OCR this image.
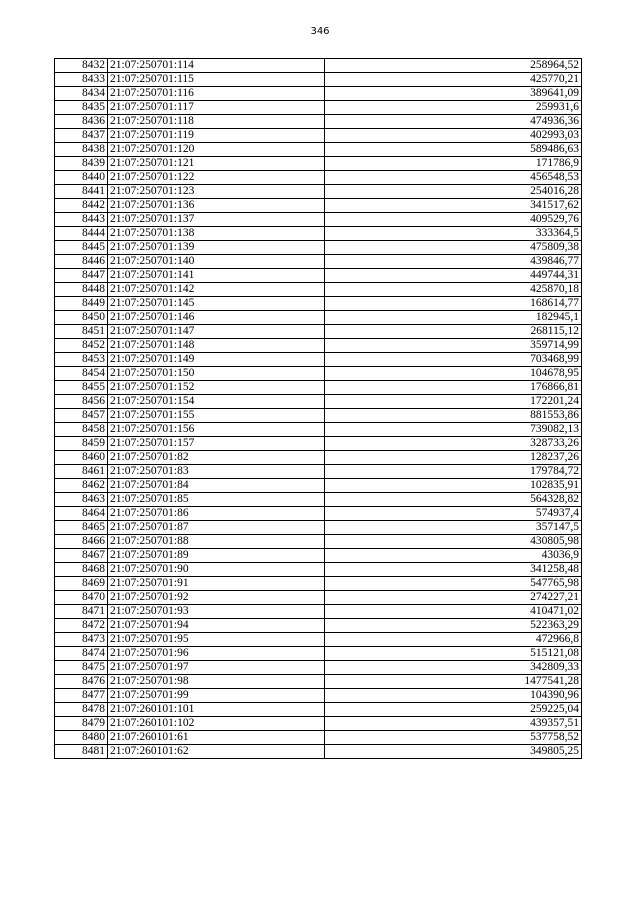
346
8432	21:07:250701:114	258964,52
8433	21:07:250701:115	425770,21
8434	21:07:250701:116	389641,09
8435	21:07:250701:117	259931,6
8436	21:07:250701:118	474936,36
8437	21:07:250701:119	402993,03
8438	21:07:250701:120	589486,63
8439	21:07:250701:121	171786,9
8440	21:07:250701:122	456548,53
8441	21:07:250701:123	254016,28
8442	21:07:250701:136	341517,62
8443	21:07:250701:137	409529,76
8444	21:07:250701:138	333364,5
8445	21:07:250701:139	475809,38
8446	21:07:250701:140	439846,77
8447	21:07:250701:141	449744,31
8448	21:07:250701:142	425870,18
8449	21:07:250701:145	168614,77
8450	21:07:250701:146	182945,1
8451	21:07:250701:147	268115,12
8452	21:07:250701:148	359714,99
8453	21:07:250701:149	703468,99
8454	21:07:250701:150	104678,95
8455	21:07:250701:152	176866,81
8456	21:07:250701:154	172201,24
8457	21:07:250701:155	881553,86
8458	21:07:250701:156	739082,13
8459	21:07:250701:157	328733,26
8460	21:07:250701:82	128237,26
8461	21:07:250701:83	179784,72
8462	21:07:250701:84	102835,91
8463	21:07:250701:85	564328,82
8464	21:07:250701:86	574937,4
8465	21:07:250701:87	357147,5
8466	21:07:250701:88	430805,98
8467	21:07:250701:89	43036,9
8468	21:07:250701:90	341258,48
8469	21:07:250701:91	547765,98
8470	21:07:250701:92	274227,21
8471	21:07:250701:93	410471,02
8472	21:07:250701:94	522363,29
8473	21:07:250701:95	472966,8
8474	21:07:250701:96	515121,08
8475	21:07:250701:97	342809,33
8476	21:07:250701:98	1477541,28
8477	21:07:250701:99	104390,96
8478	21:07:260101:101	259225,04
8479	21:07:260101:102	439357,51
8480	21:07:260101:61	537758,52
8481	21:07:260101:62	349805,25
